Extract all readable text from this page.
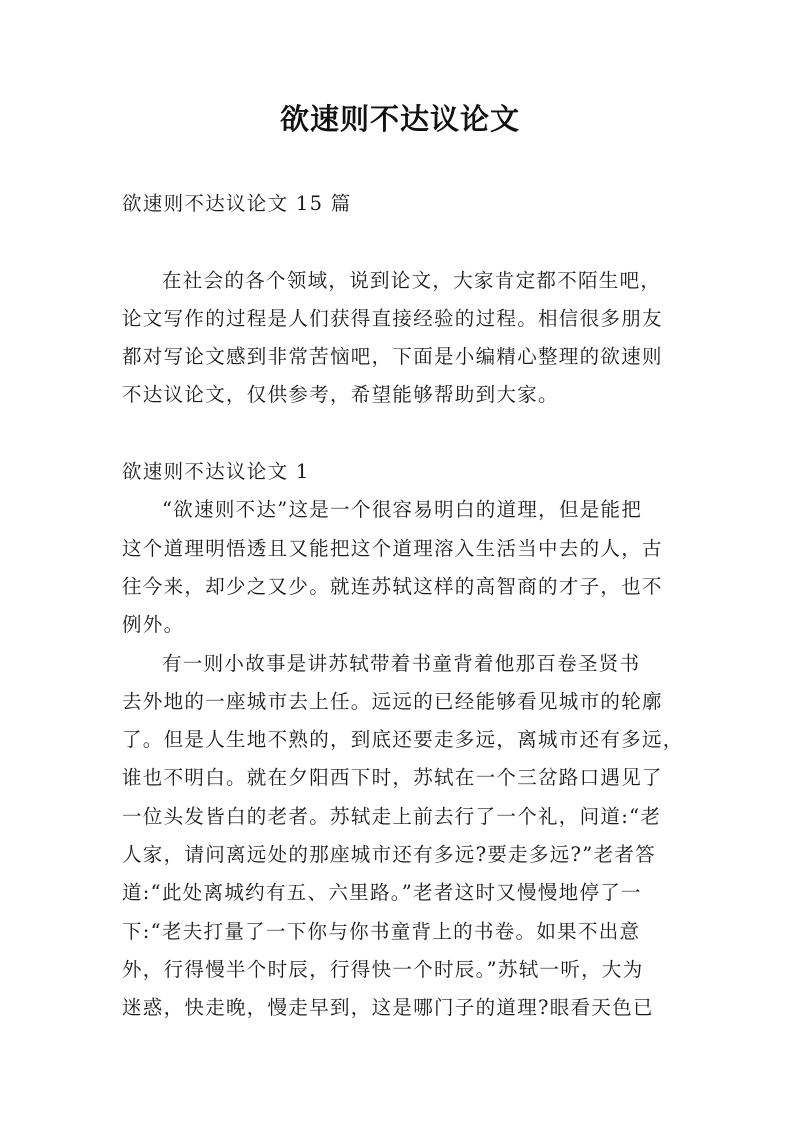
欲速则不达议论文
欲速则不达议论文 15 篇
在社会的各个领域，说到论文，大家肯定都不陌生吧，
论文写作的过程是人们获得直接经验的过程。相信很多朋友
都对写论文感到非常苦恼吧，下面是小编精心整理的欲速则
不达议论文，仅供参考，希望能够帮助到大家。
欲速则不达议论文 1
“欲速则不达”这是一个很容易明白的道理，但是能把
这个道理明悟透且又能把这个道理溶入生活当中去的人，古
往今来，却少之又少。就连苏轼这样的高智商的才子，也不
例外。
有一则小故事是讲苏轼带着书童背着他那百卷圣贤书
去外地的一座城市去上任。远远的已经能够看见城市的轮廓
了。但是人生地不熟的，到底还要走多远，离城市还有多远，
谁也不明白。就在夕阳西下时，苏轼在一个三岔路口遇见了
一位头发皆白的老者。苏轼走上前去行了一个礼，问道:“老
人家，请问离远处的那座城市还有多远?要走多远?”老者答
道:“此处离城约有五、六里路。”老者这时又慢慢地停了一
下:“老夫打量了一下你与你书童背上的书卷。如果不出意
外，行得慢半个时辰，行得快一个时辰。”苏轼一听，大为
迷惑，快走晚，慢走早到，这是哪门子的道理?眼看天色已
